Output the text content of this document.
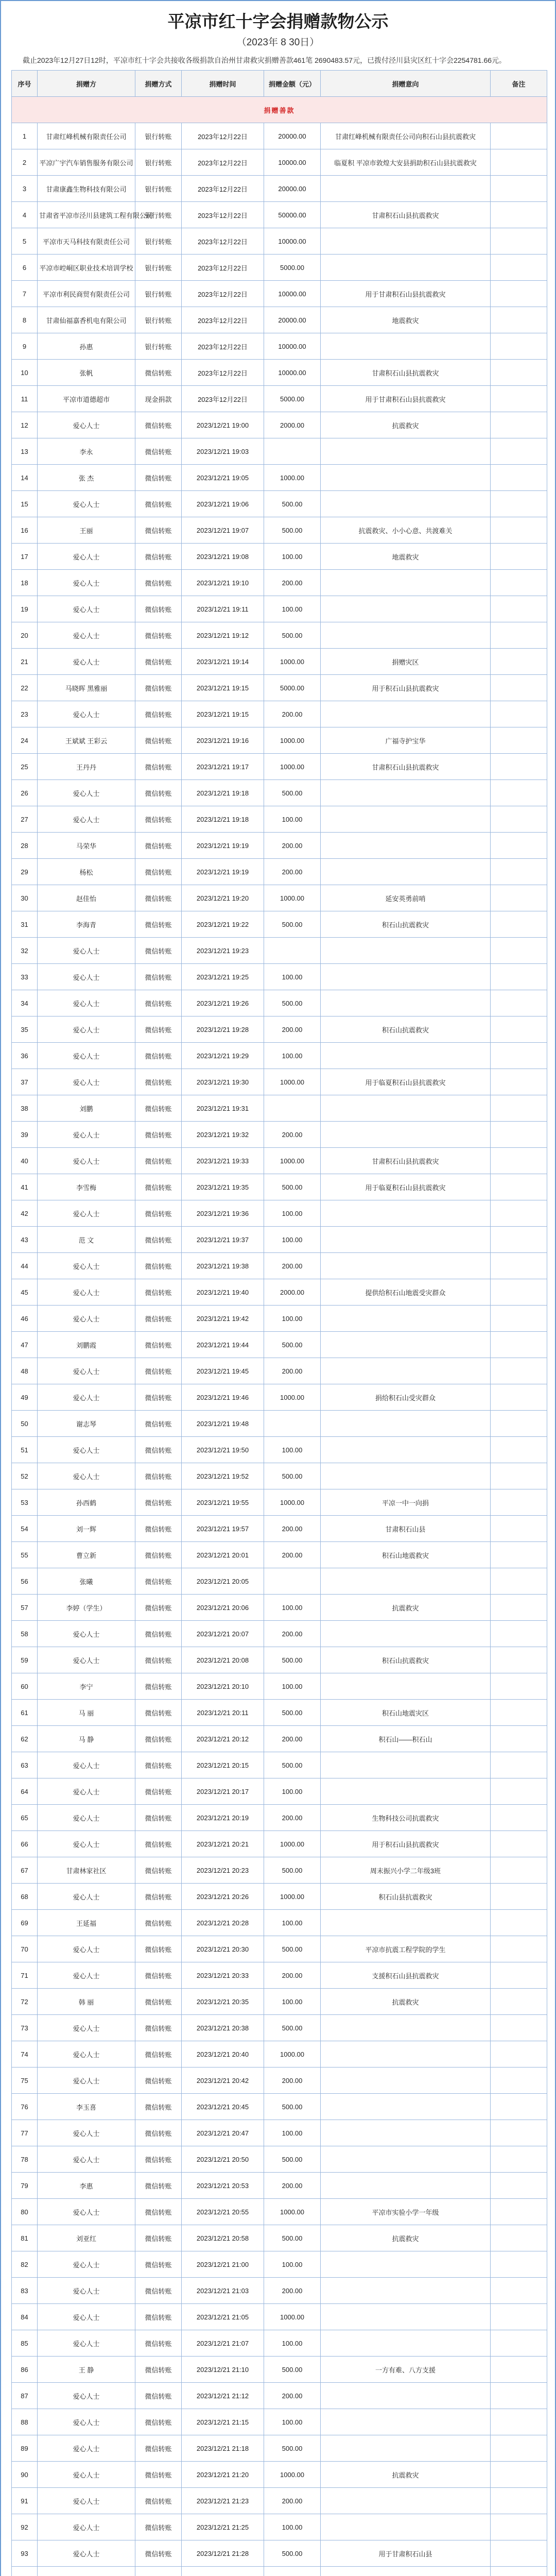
平凉市红十字会捐赠款物公示
（2023年 8 30日）
截止2023年12月27日12时，平凉市红十字会共接收各级捐款自治州甘肃救灾捐赠善款461笔 2690483.57元，已拨付泾川县灾区红十字会2254781.66元。
序号	捐赠方	捐赠方式	捐赠时间	捐赠金额（元）	捐赠意向	备注
捐赠善款						
1	甘肃红峰机械有限责任公司	银行转账	2023年12月22日	20000.00	甘肃红峰机械有限责任公司向积石山县抗震救灾	
2	平凉广宇汽车销售服务有限公司	银行转账	2023年12月22日	10000.00	临夏积 平凉市敦煌大安县捐助积石山县抗震救灾	
3	甘肃康鑫生物科技有限公司	银行转账	2023年12月22日	20000.00		
4	甘肃省平凉市泾川县建筑工程有限公司	银行转账	2023年12月22日	50000.00	甘肃积石山县抗震救灾	
5	平凉市天马科技有限责任公司	银行转账	2023年12月22日	10000.00		
6	平凉市崆峒区职业技术培训学校	银行转账	2023年12月22日	5000.00		
7	平凉市利民商贸有限责任公司	银行转账	2023年12月22日	10000.00	用于甘肃积石山县抗震救灾	
8	甘肃仙福嘉香机电有限公司	银行转账	2023年12月22日	20000.00	地震救灾	
9	孙惠	银行转账	2023年12月22日	10000.00		
10	张帆	微信转账	2023年12月22日	10000.00	甘肃积石山县抗震救灾	
11	平凉市道德超市	现金捐款	2023年12月22日	5000.00	用于甘肃积石山县抗震救灾	
12	爱心人士	微信转账	2023/12/21 19:00	2000.00	抗震救灾	
13	李永	微信转账	2023/12/21 19:03			
14	张 杰	微信转账	2023/12/21 19:05	1000.00		
15	爱心人士	微信转账	2023/12/21 19:06	500.00		
16	王丽	微信转账	2023/12/21 19:07	500.00	抗震救灾、小小心意、共渡难关	
17	爱心人士	微信转账	2023/12/21 19:08	100.00	地震救灾	
18	爱心人士	微信转账	2023/12/21 19:10	200.00		
19	爱心人士	微信转账	2023/12/21 19:11	100.00		
20	爱心人士	微信转账	2023/12/21 19:12	500.00		
21	爱心人士	微信转账	2023/12/21 19:14	1000.00	捐赠灾区	
22	马晓晖 黑雅丽	微信转账	2023/12/21 19:15	5000.00	用于积石山县抗震救灾	
23	爱心人士	微信转账	2023/12/21 19:15	200.00		
24	王斌斌 王彩云	微信转账	2023/12/21 19:16	1000.00	广福寺护宝华	
25	王丹丹	微信转账	2023/12/21 19:17	1000.00	甘肃积石山县抗震救灾	
26	爱心人士	微信转账	2023/12/21 19:18	500.00		
27	爱心人士	微信转账	2023/12/21 19:18	100.00		
28	马荣华	微信转账	2023/12/21 19:19	200.00		
29	杨松	微信转账	2023/12/21 19:19	200.00		
30	赵佳怡	微信转账	2023/12/21 19:20	1000.00	延安英勇前哨	
31	李海青	微信转账	2023/12/21 19:22	500.00	积石山抗震救灾	
32	爱心人士	微信转账	2023/12/21 19:23			
33	爱心人士	微信转账	2023/12/21 19:25	100.00		
34	爱心人士	微信转账	2023/12/21 19:26	500.00		
35	爱心人士	微信转账	2023/12/21 19:28	200.00	积石山抗震救灾	
36	爱心人士	微信转账	2023/12/21 19:29	100.00		
37	爱心人士	微信转账	2023/12/21 19:30	1000.00	用于临夏积石山县抗震救灾	
38	刘鹏	微信转账	2023/12/21 19:31			
39	爱心人士	微信转账	2023/12/21 19:32	200.00		
40	爱心人士	微信转账	2023/12/21 19:33	1000.00	甘肃积石山县抗震救灾	
41	李雪梅	微信转账	2023/12/21 19:35	500.00	用于临夏积石山县抗震救灾	
42	爱心人士	微信转账	2023/12/21 19:36	100.00		
43	范 文	微信转账	2023/12/21 19:37	100.00		
44	爱心人士	微信转账	2023/12/21 19:38	200.00		
45	爱心人士	微信转账	2023/12/21 19:40	2000.00	提供给积石山地震受灾群众	
46	爱心人士	微信转账	2023/12/21 19:42	100.00		
47	刘鹏霞	微信转账	2023/12/21 19:44	500.00		
48	爱心人士	微信转账	2023/12/21 19:45	200.00		
49	爱心人士	微信转账	2023/12/21 19:46	1000.00	捐给积石山受灾群众	
50	谢志琴	微信转账	2023/12/21 19:48			
51	爱心人士	微信转账	2023/12/21 19:50	100.00		
52	爱心人士	微信转账	2023/12/21 19:52	500.00		
53	孙西鹤	微信转账	2023/12/21 19:55	1000.00	平凉一中一向捐	
54	刘一辉	微信转账	2023/12/21 19:57	200.00	甘肃积石山县	
55	曹立新	微信转账	2023/12/21 20:01	200.00	积石山地震救灾	
56	张曦	微信转账	2023/12/21 20:05			
57	李婷（学生）	微信转账	2023/12/21 20:06	100.00	抗震救灾	
58	爱心人士	微信转账	2023/12/21 20:07	200.00		
59	爱心人士	微信转账	2023/12/21 20:08	500.00	积石山抗震救灾	
60	李宁	微信转账	2023/12/21 20:10	100.00		
61	马 丽	微信转账	2023/12/21 20:11	500.00	积石山地震灾区	
62	马 静	微信转账	2023/12/21 20:12	200.00	积石山——积石山	
63	爱心人士	微信转账	2023/12/21 20:15	500.00		
64	爱心人士	微信转账	2023/12/21 20:17	100.00		
65	爱心人士	微信转账	2023/12/21 20:19	200.00	生物科技公司抗震救灾	
66	爱心人士	微信转账	2023/12/21 20:21	1000.00	用于积石山县抗震救灾	
67	甘肃林家社区	微信转账	2023/12/21 20:23	500.00	周末振兴小学二年级3班	
68	爱心人士	微信转账	2023/12/21 20:26	1000.00	积石山县抗震救灾	
69	王延福	微信转账	2023/12/21 20:28	100.00		
70	爱心人士	微信转账	2023/12/21 20:30	500.00	平凉市抗震工程学院的学生	
71	爱心人士	微信转账	2023/12/21 20:33	200.00	支援积石山县抗震救灾	
72	韩 丽	微信转账	2023/12/21 20:35	100.00	抗震救灾	
73	爱心人士	微信转账	2023/12/21 20:38	500.00		
74	爱心人士	微信转账	2023/12/21 20:40	1000.00		
75	爱心人士	微信转账	2023/12/21 20:42	200.00		
76	李玉喜	微信转账	2023/12/21 20:45	500.00		
77	爱心人士	微信转账	2023/12/21 20:47	100.00		
78	爱心人士	微信转账	2023/12/21 20:50	500.00		
79	李惠	微信转账	2023/12/21 20:53	200.00		
80	爱心人士	微信转账	2023/12/21 20:55	1000.00	平凉市实验小学一年级	
81	刘亚红	微信转账	2023/12/21 20:58	500.00	抗震救灾	
82	爱心人士	微信转账	2023/12/21 21:00	100.00		
83	爱心人士	微信转账	2023/12/21 21:03	200.00		
84	爱心人士	微信转账	2023/12/21 21:05	1000.00		
85	爱心人士	微信转账	2023/12/21 21:07	100.00		
86	王 静	微信转账	2023/12/21 21:10	500.00	一方有难、八方支援	
87	爱心人士	微信转账	2023/12/21 21:12	200.00		
88	爱心人士	微信转账	2023/12/21 21:15	100.00		
89	爱心人士	微信转账	2023/12/21 21:18	500.00		
90	爱心人士	微信转账	2023/12/21 21:20	1000.00	抗震救灾	
91	爱心人士	微信转账	2023/12/21 21:23	200.00		
92	爱心人士	微信转账	2023/12/21 21:25	100.00		
93	爱心人士	微信转账	2023/12/21 21:28	500.00	用于甘肃积石山县	
